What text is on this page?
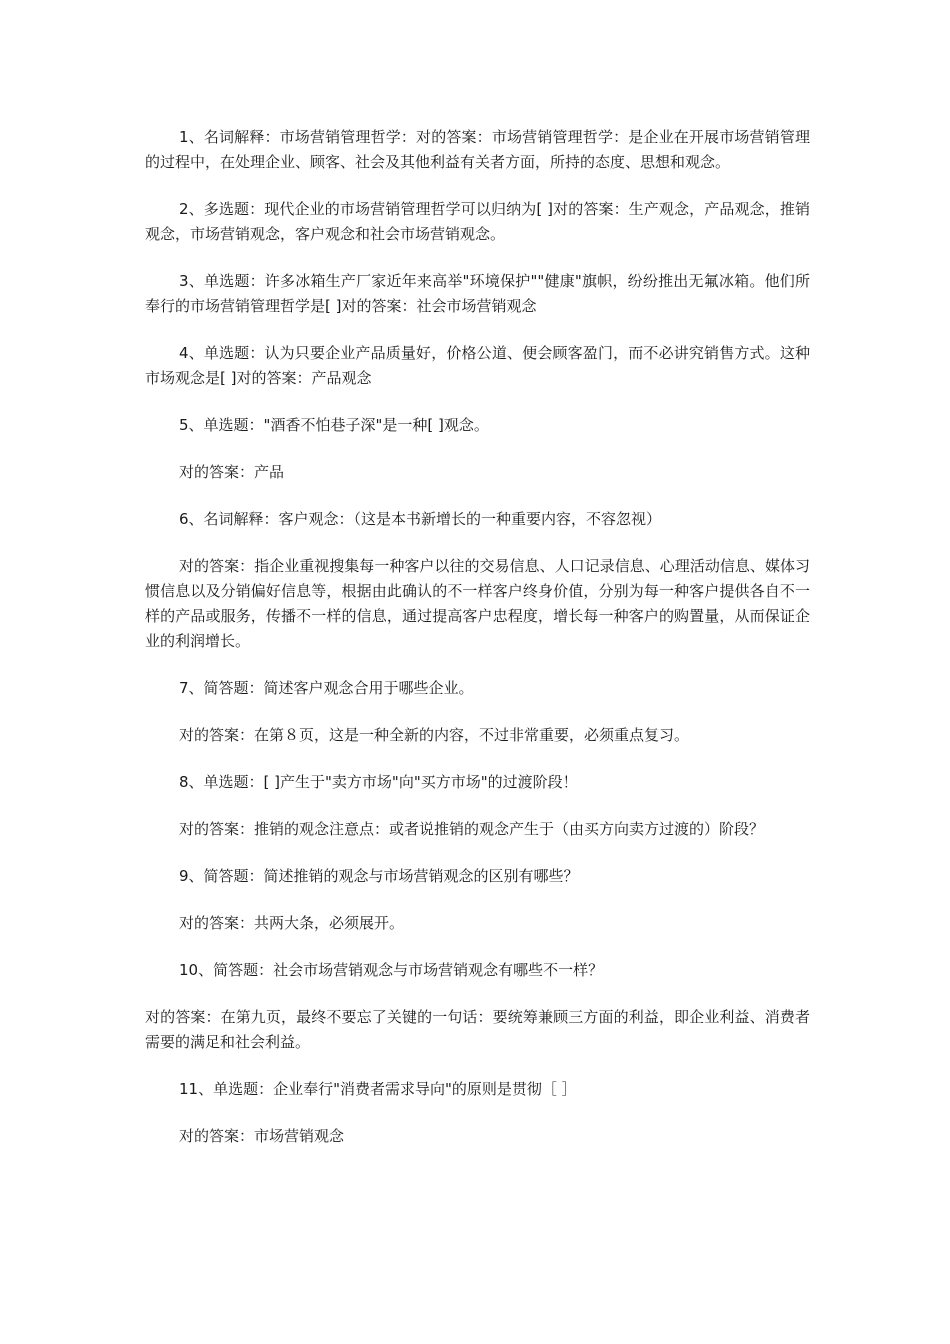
1、名词解释：市场营销管理哲学：对的答案：市场营销管理哲学：是企业在开展市场营销管理的过程中，在处理企业、顾客、社会及其他利益有关者方面，所持的态度、思想和观念。

2、多选题：现代企业的市场营销管理哲学可以归纳为[ ]对的答案：生产观念，产品观念，推销观念，市场营销观念，客户观念和社会市场营销观念。

3、单选题：许多冰箱生产厂家近年来高举"环境保护""健康"旗帜，纷纷推出无氟冰箱。他们所奉行的市场营销管理哲学是[ ]对的答案：社会市场营销观念

4、单选题：认为只要企业产品质量好，价格公道、便会顾客盈门，而不必讲究销售方式。这种市场观念是[ ]对的答案：产品观念

5、单选题："酒香不怕巷子深"是一种[ ]观念。

对的答案：产品

6、名词解释：客户观念：（这是本书新增长的一种重要内容，不容忽视）

对的答案：指企业重视搜集每一种客户以往的交易信息、人口记录信息、心理活动信息、媒体习惯信息以及分销偏好信息等，根据由此确认的不一样客户终身价值，分别为每一种客户提供各自不一样的产品或服务，传播不一样的信息，通过提高客户忠程度，增长每一种客户的购置量，从而保证企业的利润增长。

7、简答题：简述客户观念合用于哪些企业。

对的答案：在第８页，这是一种全新的内容，不过非常重要，必须重点复习。

8、单选题：[ ]产生于"卖方市场"向"买方市场"的过渡阶段！

对的答案：推销的观念注意点：或者说推销的观念产生于（由买方向卖方过渡的）阶段？

9、简答题：简述推销的观念与市场营销观念的区别有哪些？

对的答案：共两大条，必须展开。

10、简答题：社会市场营销观念与市场营销观念有哪些不一样？

对的答案：在第九页，最终不要忘了关键的一句话：要统筹兼顾三方面的利益，即企业利益、消费者需要的满足和社会利益。

11、单选题：企业奉行"消费者需求导向"的原则是贯彻［ ］

对的答案：市场营销观念
